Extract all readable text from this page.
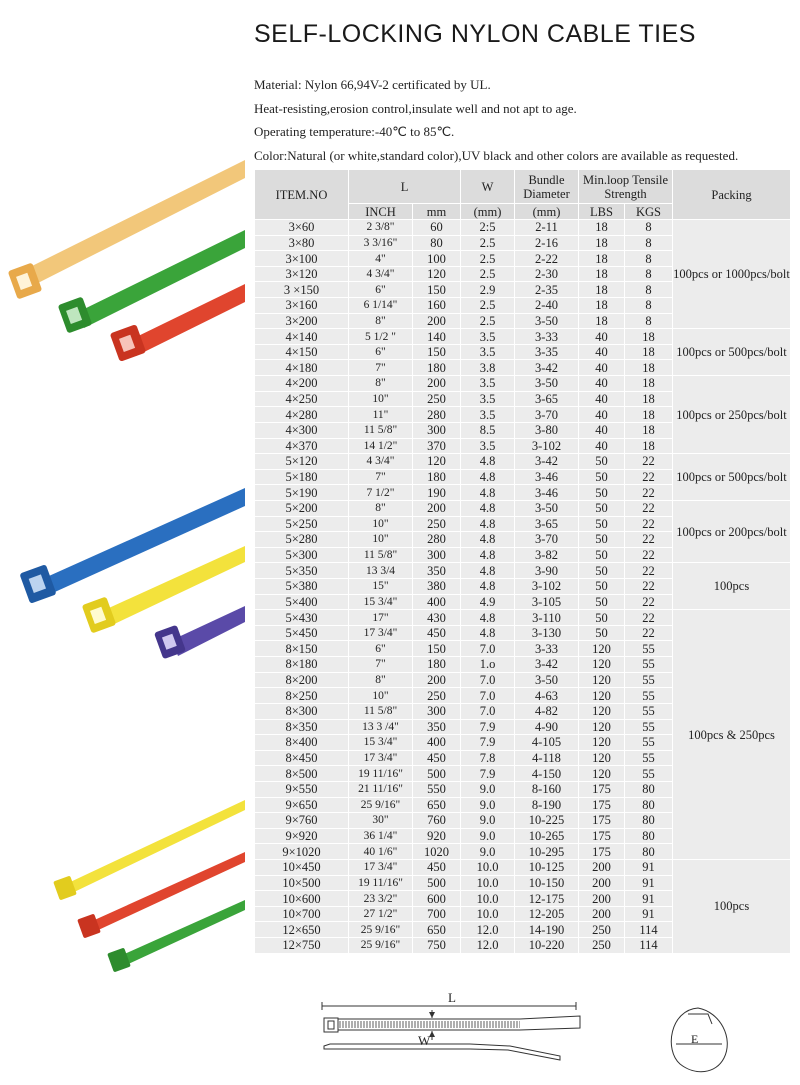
SELF-LOCKING NYLON CABLE TIES
Material: Nylon 66,94V-2 certificated by UL.
Heat-resisting,erosion control,insulate well and not apt to age.
Operating temperature:-40℃ to 85℃.
Color:Natural (or white,standard color),UV black and other colors are available as requested.
ITEM.NO	L		W	Bundle Diameter	Min.loop Tensile Strength		Packing
	INCH	mm	(mm)	(mm)	LBS	KGS	
3×60	2 3/8"	60	2:5	2-11	18	8	100pcs or 1000pcs/bolt
3×80	3 3/16"	80	2.5	2-16	18	8	
3×100	4"	100	2.5	2-22	18	8	
3×120	4 3/4"	120	2.5	2-30	18	8	
3 ×150	6"	150	2.9	2-35	18	8	
3×160	6 1/14"	160	2.5	2-40	18	8	
3×200	8"	200	2.5	3-50	18	8	
4×140	5 1/2 "	140	3.5	3-33	40	18	100pcs or 500pcs/bolt
4×150	6"	150	3.5	3-35	40	18	
4×180	7"	180	3.8	3-42	40	18	
4×200	8"	200	3.5	3-50	40	18	100pcs or 250pcs/bolt
4×250	10"	250	3.5	3-65	40	18	
4×280	11"	280	3.5	3-70	40	18	
4×300	11 5/8"	300	8.5	3-80	40	18	
4×370	14 1/2"	370	3.5	3-102	40	18	
5×120	4 3/4"	120	4.8	3-42	50	22	100pcs or 500pcs/bolt
5×180	7"	180	4.8	3-46	50	22	
5×190	7 1/2"	190	4.8	3-46	50	22	
5×200	8"	200	4.8	3-50	50	22	100pcs or 200pcs/bolt
5×250	10"	250	4.8	3-65	50	22	
5×280	10"	280	4.8	3-70	50	22	
5×300	11 5/8"	300	4.8	3-82	50	22	
5×350	13 3/4	350	4.8	3-90	50	22	100pcs
5×380	15"	380	4.8	3-102	50	22	
5×400	15 3/4"	400	4.9	3-105	50	22	
5×430	17"	430	4.8	3-110	50	22	100pcs & 250pcs
5×450	17 3/4"	450	4.8	3-130	50	22	
8×150	6"	150	7.0	3-33	120	55	
8×180	7"	180	1.o	3-42	120	55	
8×200	8"	200	7.0	3-50	120	55	
8×250	10"	250	7.0	4-63	120	55	
8×300	11 5/8"	300	7.0	4-82	120	55	
8×350	13 3 /4"	350	7.9	4-90	120	55	
8×400	15 3/4"	400	7.9	4-105	120	55	
8×450	17 3/4"	450	7.8	4-118	120	55	
8×500	19 11/16"	500	7.9	4-150	120	55	
9×550	21 11/16"	550	9.0	8-160	175	80	
9×650	25 9/16"	650	9.0	8-190	175	80	
9×760	30"	760	9.0	10-225	175	80	
9×920	36 1/4"	920	9.0	10-265	175	80	
9×1020	40 1/6"	1020	9.0	10-295	175	80	
10×450	17 3/4"	450	10.0	10-125	200	91	100pcs
10×500	19 11/16"	500	10.0	10-150	200	91	
10×600	23 3/2"	600	10.0	12-175	200	91	
10×700	27 1/2"	700	10.0	12-205	200	91	
12×650	25 9/16"	650	12.0	14-190	250	114	
12×750	25 9/16"	750	12.0	10-220	250	114	
L
W	E
